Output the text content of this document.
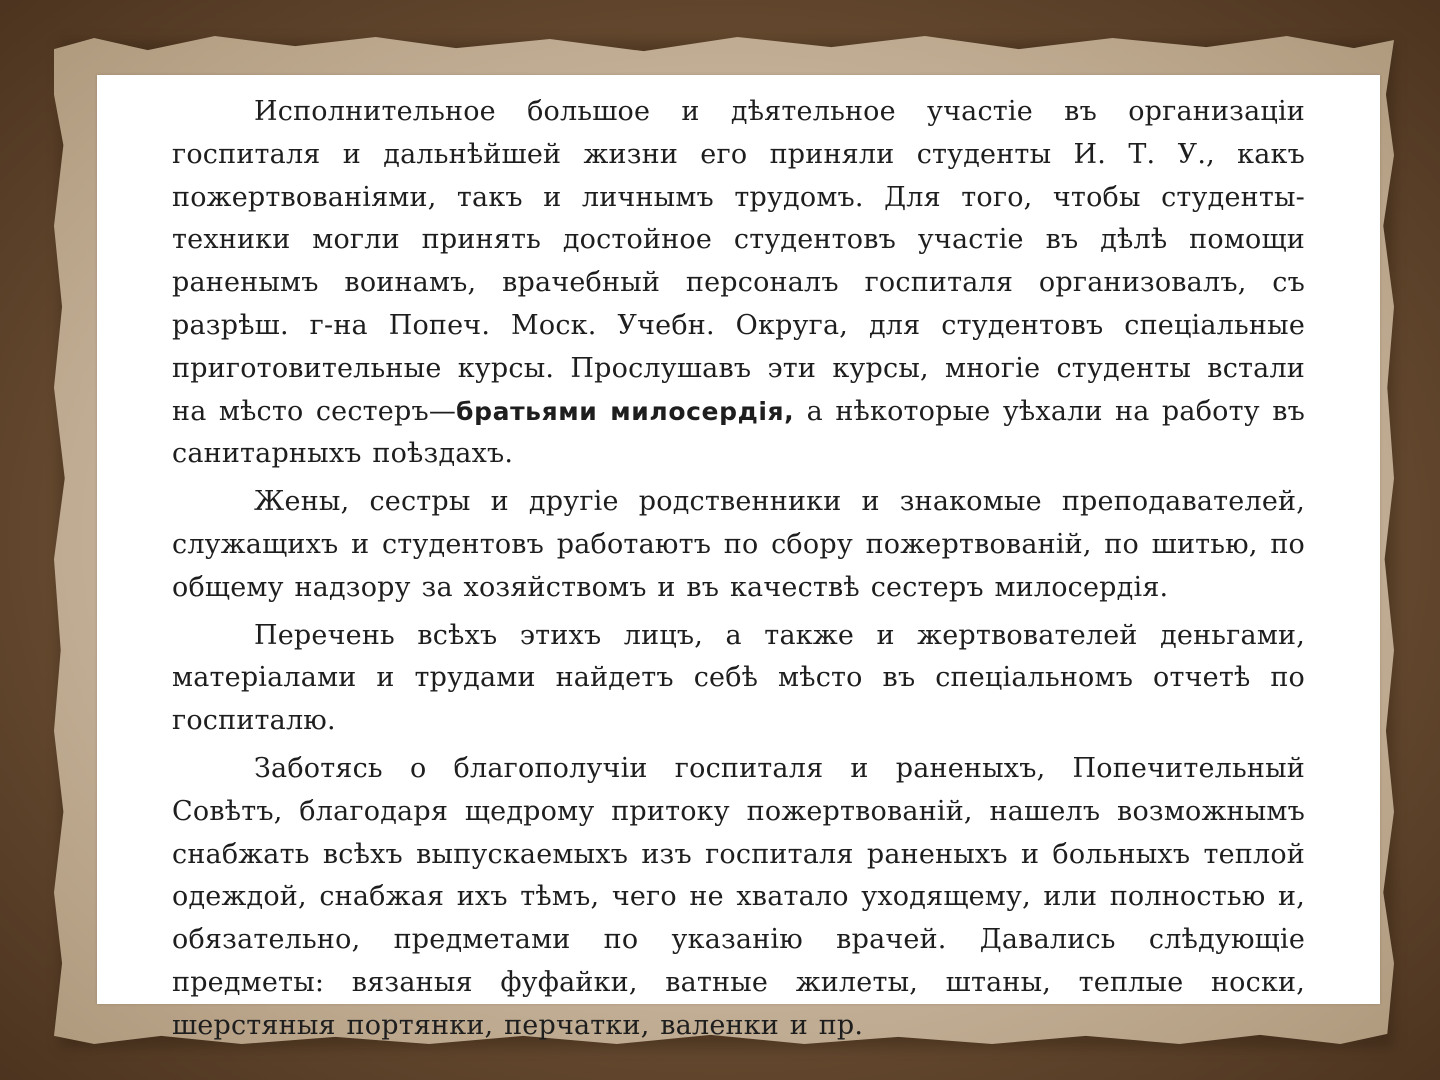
Исполнительное большое и дѣятельное участіе въ организаціи госпиталя и дальнѣйшей жизни его приняли студенты И. Т. У., какъ пожертвованіями, такъ и личнымъ трудомъ. Для того, чтобы студенты-техники могли принять достойное студентовъ участіе въ дѣлѣ помощи раненымъ воинамъ, врачебный персоналъ госпиталя организовалъ, съ разрѣш. г-на Попеч. Моск. Учебн. Округа, для студентовъ спеціальные приготовительные курсы. Прослушавъ эти курсы, многіе студенты встали на мѣсто сестеръ—братьями милосердія, а нѣкоторые уѣхали на работу въ санитарныхъ поѣздахъ.

Жены, сестры и другіе родственники и знакомые преподавателей, служащихъ и студентовъ работаютъ по сбору пожертвованій, по шитью, по общему надзору за хозяйствомъ и въ качествѣ сестеръ милосердія.

Перечень всѣхъ этихъ лицъ, а также и жертвователей деньгами, матеріалами и трудами найдетъ себѣ мѣсто въ спеціальномъ отчетѣ по госпиталю.

Заботясь о благополучіи госпиталя и раненыхъ, Попечительный Совѣтъ, благодаря щедрому притоку пожертвованій, нашелъ возможнымъ снабжать всѣхъ выпускаемыхъ изъ госпиталя раненыхъ и больныхъ теплой одеждой, снабжая ихъ тѣмъ, чего не хватало уходящему, или полностью и, обязательно, предметами по указанію врачей. Давались слѣдующіе предметы: вязаныя фуфайки, ватные жилеты, штаны, теплые носки, шерстяныя портянки, перчатки, валенки и пр.
